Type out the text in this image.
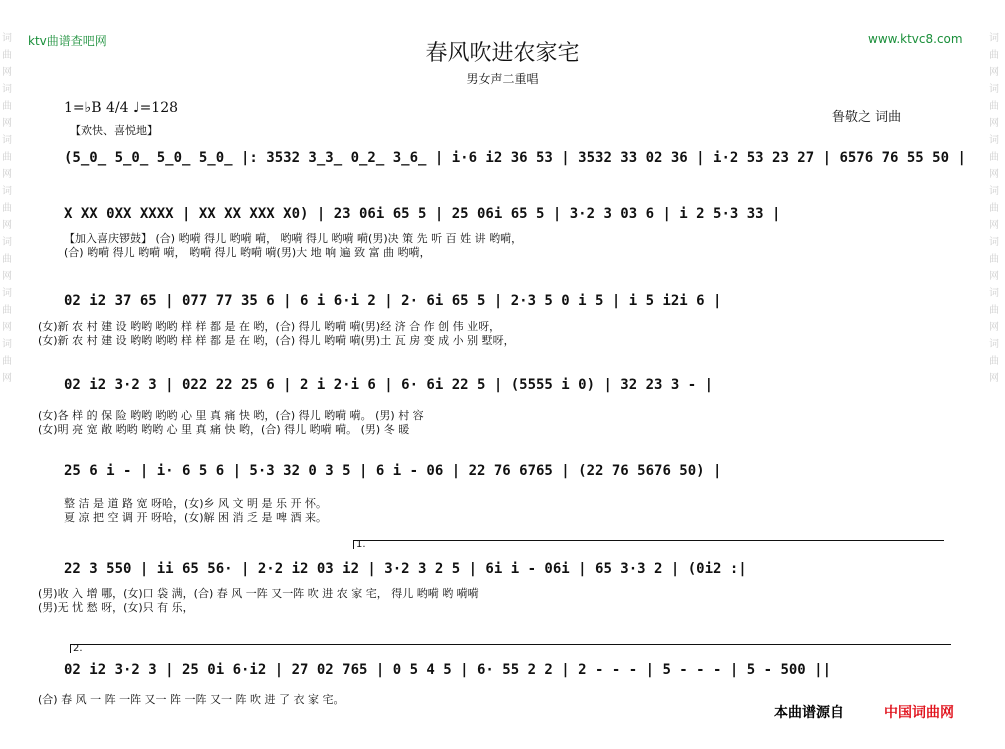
词曲网词曲网词曲网词曲网词曲网词曲网词曲网
词曲网词曲网词曲网词曲网词曲网词曲网词曲网
ktv曲谱查吧网	www.ktvc8.com
春风吹进农家宅
男女声二重唱
1=♭B 4/4 ♩=128
【欢快、喜悦地】
鲁敬之 词曲
(5̲0̲ 5̲0̲ 5̲0̲ 5̲0̲ |: 3532 3̲3̲ 0̲2̲ 3̲6̲ | i·6 i2 36 53 | 3532 33 02 36 | i·2 53 23 27 | 6576 76 55 50 |
X XX 0XX XXXX | XX XX XXX X0) | 23 06i 65 5 | 25 06i 65 5 | 3·2 3 03 6 | i 2 5·3 33 |
【加入喜庆锣鼓】 (合) 哟嗬 得儿 哟嗬 嗬， 哟嗬 得儿 哟嗬 嗬(男)决 策 先 听 百 姓 讲 哟嗬，
(合) 哟嗬 得儿 哟嗬 嗬， 哟嗬 得儿 哟嗬 嗬(男)大 地 响 遍 致 富 曲 哟嗬，
02 i2 37 65 | 077 77 35 6 | 6 i 6·i 2 | 2· 6i 65 5 | 2·3 5 0 i 5 | i 5 i2i 6 |
(女)新 农 村 建 设 哟哟 哟哟 样 样 都 是 在 哟，(合) 得儿 哟嗬 嗬(男)经 济 合 作 创 伟 业呀，
(女)新 农 村 建 设 哟哟 哟哟 样 样 都 是 在 哟，(合) 得儿 哟嗬 嗬(男)土 瓦 房 变 成 小 别 墅呀，
02 i2 3·2 3 | 022 22 25 6 | 2 i 2·i 6 | 6· 6i 22 5 | (5555 i 0) | 32 23 3 - |
(女)各 样 的 保 险 哟哟 哟哟 心 里 真 痛 快 哟，(合) 得儿 哟嗬 嗬。 (男) 村 容
(女)明 亮 宽 敞 哟哟 哟哟 心 里 真 痛 快 哟，(合) 得儿 哟嗬 嗬。 (男) 冬 暖
25 6 i - | i· 6 5 6 | 5·3 32 0 3 5 | 6 i - 06 | 22 76 6765 | (22 76 5676 50) |
整 洁 是 道 路 宽 呀哈，(女)乡 风 文 明 是 乐 开 怀。
夏 凉 把 空 调 开 呀哈，(女)解 困 消 乏 是 啤 酒 来。
1.
22 3 550 | ii 65 56· | 2·2 i2 03 i2 | 3·2 3 2 5 | 6i i - 06i | 65 3·3 2 | (0i2 :|
(男)收 入 增 哪，(女)口 袋 满，(合) 春 风 一阵 又一阵 吹 进 农 家 宅， 得儿 哟嗬 哟 嗬嗬
(男)无 忧 愁 呀，(女)只 有 乐，
2.
02 i2 3·2 3 | 25 0i 6·i2 | 27 02 765 | 0 5 4 5 | 6· 55 2 2 | 2 - - - | 5 - - - | 5 - 500 ||
(合) 春 风 一 阵 一阵 又一 阵 一阵 又一 阵 吹 进 了 衣 家 宅。
本曲谱源自	中国词曲网
